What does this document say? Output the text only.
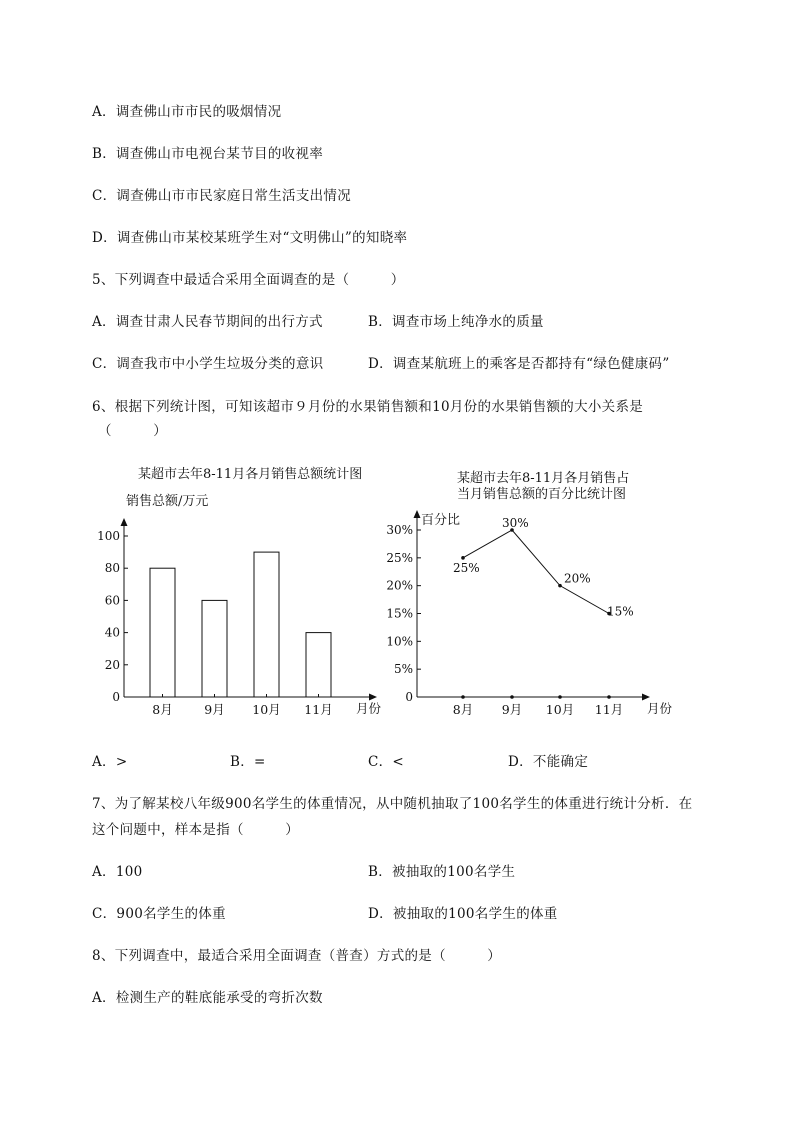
A．调查佛山市市民的吸烟情况
B．调查佛山市电视台某节目的收视率
C．调查佛山市市民家庭日常生活支出情况
D．调查佛山市某校某班学生对“文明佛山”的知晓率
5、下列调查中最适合采用全面调查的是（　　　）
A．调查甘肃人民春节期间的出行方式	B．调查市场上纯净水的质量
C．调查我市中小学生垃圾分类的意识	D．调查某航班上的乘客是否都持有“绿色健康码”
6、根据下列统计图，可知该超市９月份的水果销售额和10月份的水果销售额的大小关系是
（　　　）
某超市去年8-11月各月销售总额统计图
销售总额/万元
0
20
40
60
80
100
8月	9月 10月 11月 月份
某超市去年8-11月各月销售占
当月销售总额的百分比统计图
百分比
0
5%
10%
15%
20%
25%
30%
25%
30%
20%
15%
8月 9月 10月 11月 月份
A．>	B．=	C．<	D．不能确定
7、为了解某校八年级900名学生的体重情况，从中随机抽取了100名学生的体重进行统计分析．在
这个问题中，样本是指（　　　）
A．100	B．被抽取的100名学生
C．900名学生的体重	D．被抽取的100名学生的体重
8、下列调查中，最适合采用全面调查（普查）方式的是（　　　）
A．检测生产的鞋底能承受的弯折次数
